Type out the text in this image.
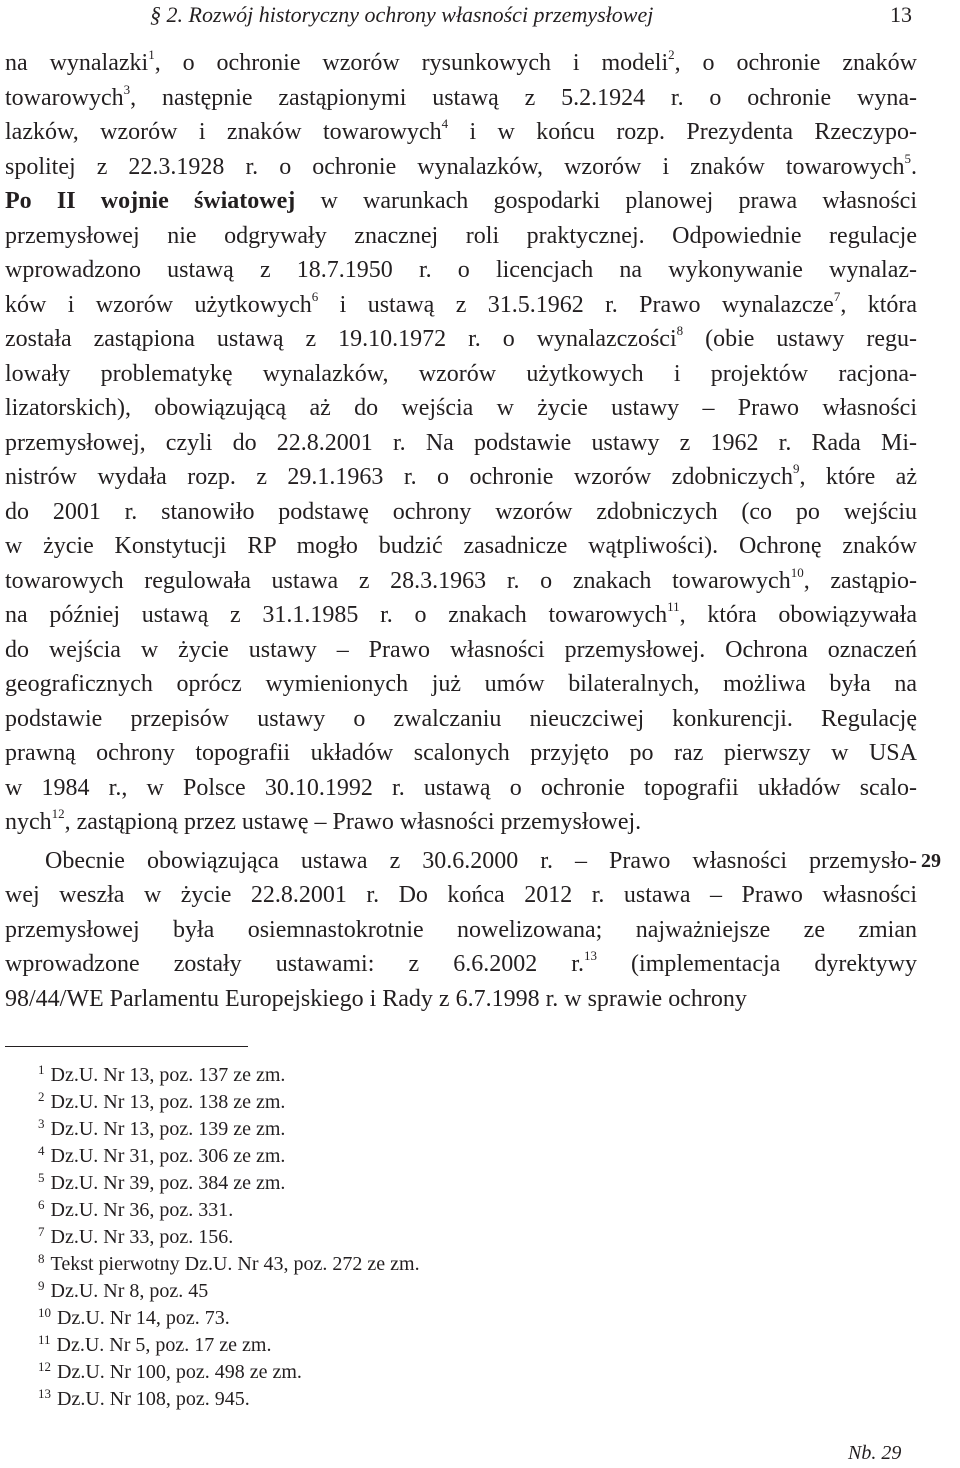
§ 2. Rozwój historyczny ochrony własności przemysłowej	13
na wynalazki$^1$, o ochronie wzorów rysunkowych i modeli$^2$, o ochronie znaków
towarowych$^3$, następnie zastąpionymi ustawą z 5.2.1924 r. o ochronie wyna-
lazków, wzorów i znaków towarowych$^4$ i w końcu rozp. Prezydenta Rzeczypo-
spolitej z 22.3.1928 r. o ochronie wynalazków, wzorów i znaków towarowych$^5$.
Po II wojnie światowej w warunkach gospodarki planowej prawa własności
przemysłowej nie odgrywały znacznej roli praktycznej. Odpowiednie regulacje
wprowadzono ustawą z 18.7.1950 r. o licencjach na wykonywanie wynalaz-
ków i wzorów użytkowych$^6$ i ustawą z 31.5.1962 r. Prawo wynalazcze$^7$, która
została zastąpiona ustawą z 19.10.1972 r. o wynalazczości$^8$ (obie ustawy regu-
lowały problematykę wynalazków, wzorów użytkowych i projektów racjona-
lizatorskich), obowiązującą aż do wejścia w życie ustawy – Prawo własności
przemysłowej, czyli do 22.8.2001 r. Na podstawie ustawy z 1962 r. Rada Mi-
nistrów wydała rozp. z 29.1.1963 r. o ochronie wzorów zdobniczych$^9$, które aż
do 2001 r. stanowiło podstawę ochrony wzorów zdobniczych (co po wejściu
w życie Konstytucji RP mogło budzić zasadnicze wątpliwości). Ochronę znaków
towarowych regulowała ustawa z 28.3.1963 r. o znakach towarowych$^{10}$, zastąpio-
na później ustawą z 31.1.1985 r. o znakach towarowych$^{11}$, która obowiązywała
do wejścia w życie ustawy – Prawo własności przemysłowej. Ochrona oznaczeń
geograficznych oprócz wymienionych już umów bilateralnych, możliwa była na
podstawie przepisów ustawy o zwalczaniu nieuczciwej konkurencji. Regulację
prawną ochrony topografii układów scalonych przyjęto po raz pierwszy w USA
w 1984 r., w Polsce 30.10.1992 r. ustawą o ochronie topografii układów scalo-
nych$^{12}$, zastąpioną przez ustawę – Prawo własności przemysłowej.
Obecnie obowiązująca ustawa z 30.6.2000 r. – Prawo własności przemysło-
wej weszła w życie 22.8.2001 r. Do końca 2012 r. ustawa – Prawo własności
przemysłowej była osiemnastokrotnie nowelizowana; najważniejsze ze zmian
wprowadzone zostały ustawami: z 6.6.2002 r.$^{13}$ (implementacja dyrektywy
98/44/WE Parlamentu Europejskiego i Rady z 6.7.1998 r. w sprawie ochrony
29
$^1$ Dz.U. Nr 13, poz. 137 ze zm.
$^2$ Dz.U. Nr 13, poz. 138 ze zm.
$^3$ Dz.U. Nr 13, poz. 139 ze zm.
$^4$ Dz.U. Nr 31, poz. 306 ze zm.
$^5$ Dz.U. Nr 39, poz. 384 ze zm.
$^6$ Dz.U. Nr 36, poz. 331.
$^7$ Dz.U. Nr 33, poz. 156.
$^8$ Tekst pierwotny Dz.U. Nr 43, poz. 272 ze zm.
$^9$ Dz.U. Nr 8, poz. 45
$^{10}$ Dz.U. Nr 14, poz. 73.
$^{11}$ Dz.U. Nr 5, poz. 17 ze zm.
$^{12}$ Dz.U. Nr 100, poz. 498 ze zm.
$^{13}$ Dz.U. Nr 108, poz. 945.
Nb. 29
